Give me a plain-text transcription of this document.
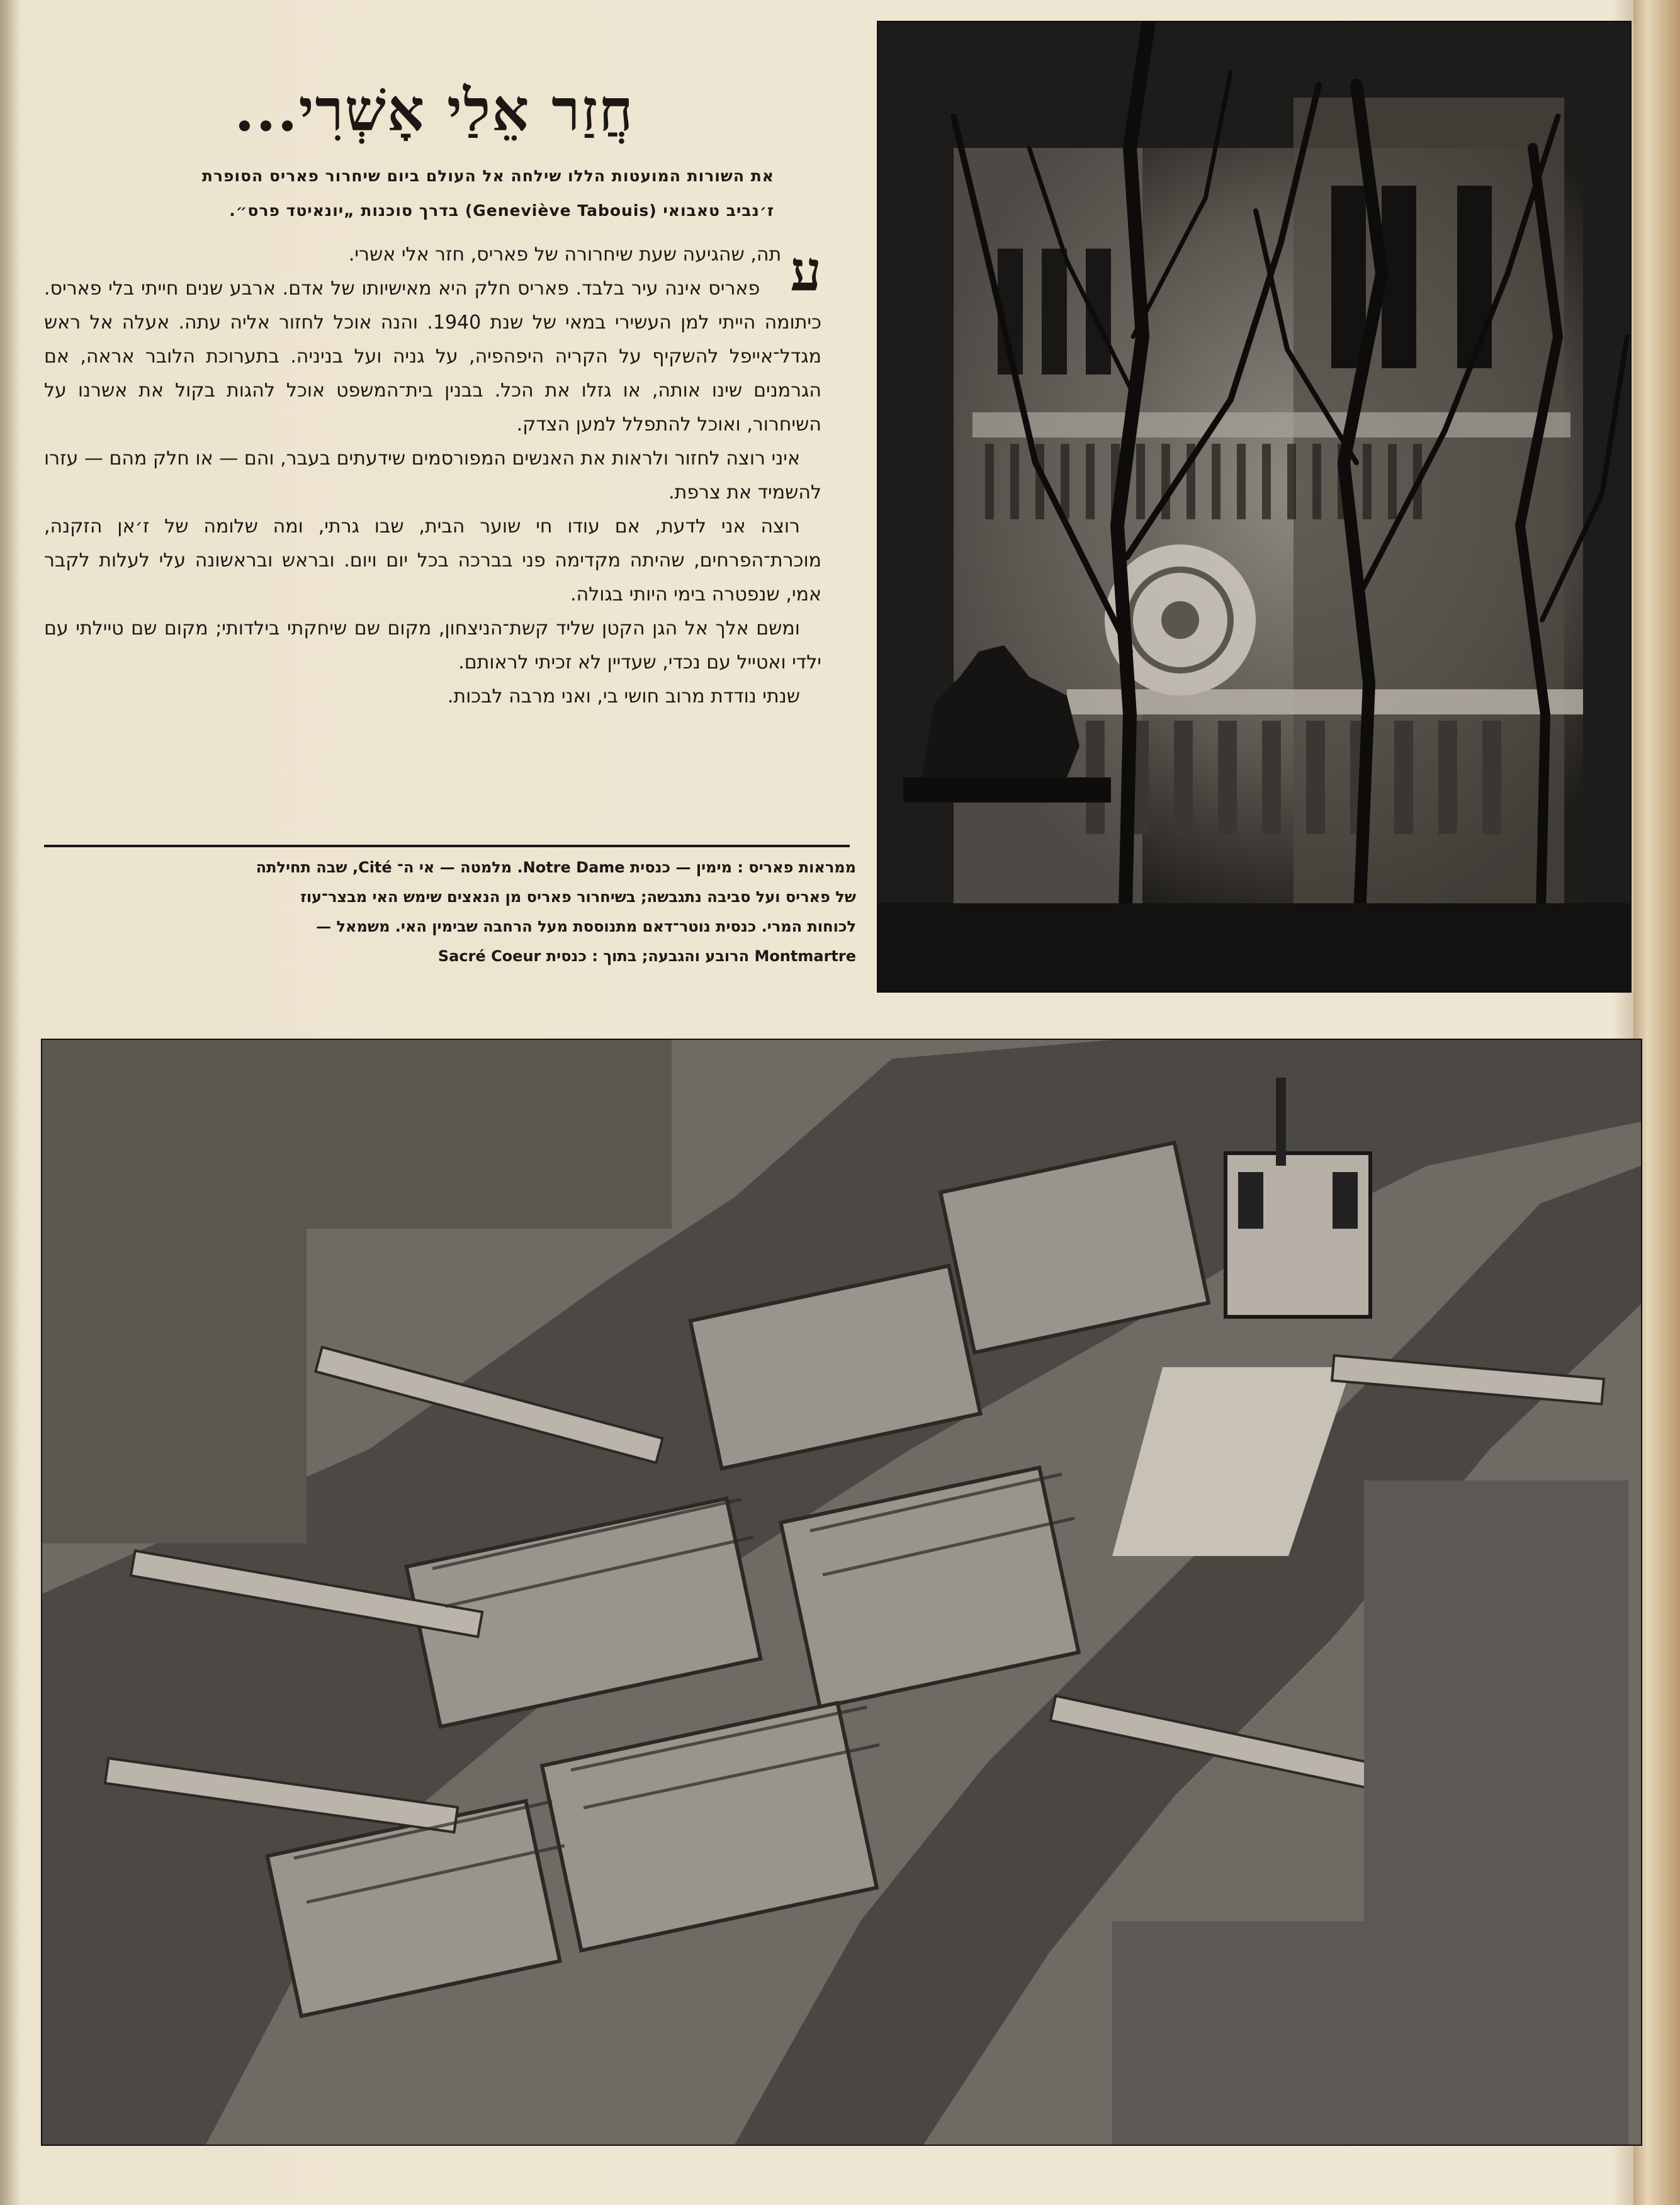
חֲזַר אֵלַי אָשְׁרִי...
את השורות המועטות הללו שילחה אל העולם ביום שיחרור פאריס הסופרת
ז׳נביב טאבואי (Geneviève Tabouis) בדרך סוכנות „יונאיטד פרס״.

ע
תה, שהגיעה שעת שיחרורה של פאריס, חזר אלי אשרי.

פאריס אינה עיר בלבד. פאריס חלק היא מאישיותו של אדם. ארבע שנים חייתי בלי פאריס. כיתומה הייתי למן העשירי במאי של שנת 1940. והנה אוכל לחזור אליה עתה. אעלה אל ראש מגדל־אייפל להשקיף על הקריה היפהפיה, על גניה ועל בניניה. בתערוכת הלובר אראה, אם הגרמנים שינו אותה, או גזלו את הכל. בבנין בית־המשפט אוכל להגות בקול את אשרנו על השיחרור, ואוכל להתפלל למען הצדק.

איני רוצה לחזור ולראות את האנשים המפורסמים שידעתים בעבר, והם — או חלק מהם — עזרו להשמיד את צרפת.

רוצה אני לדעת, אם עודו חי שוער הבית, שבו גרתי, ומה שלומה של ז׳אן הזקנה, מוכרת־הפרחים, שהיתה מקדימה פני בברכה בכל יום ויום. ובראש ובראשונה עלי לעלות לקבר אמי, שנפטרה בימי היותי בגולה.

ומשם אלך אל הגן הקטן שליד קשת־הניצחון, מקום שם שיחקתי בילדותי; מקום שם טיילתי עם ילדי ואטייל עם נכדי, שעדיין לא זכיתי לראותם.

שנתי נודדת מרוב חושי בי, ואני מרבה לבכות.

ממראות פאריס : מימין — כנסית Notre Dame. מלמטה — אי ה־ Cité, שבה תחילתה
של פאריס ועל סביבה נתגבשה; בשיחרור פאריס מן הנאצים שימש האי מבצר־עוז
לכוחות המרי. כנסית נוטר־דאם מתנוססת מעל הרחבה שבימין האי. משמאל —
Montmartre הרובע והגבעה; בתוך : כנסית Sacré Coeur
